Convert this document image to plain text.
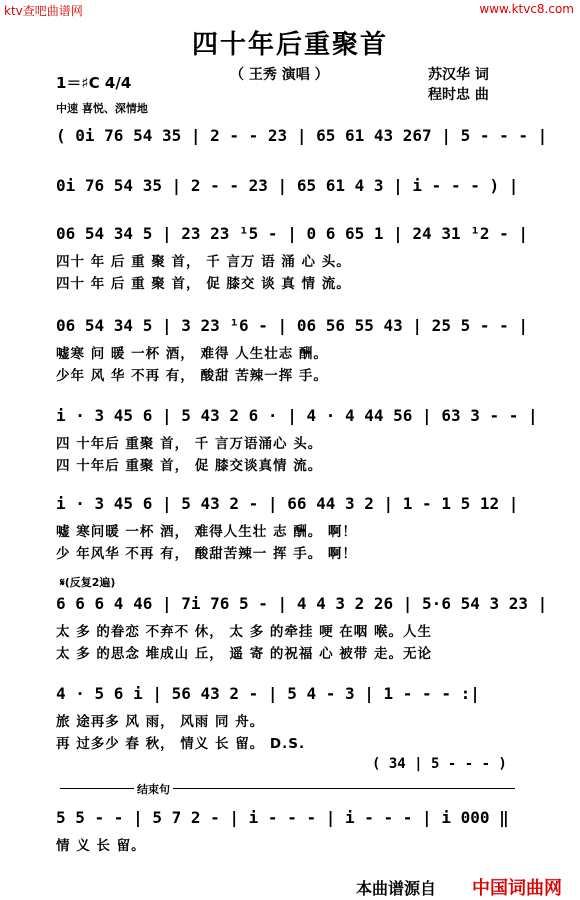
ktv查吧曲谱网	www.ktvc8.com
四十年后重聚首
（ 王秀 演唱 ）	苏汉华 词
程时忠 曲
1＝♯C 4/4
中速 喜悦、深情地
( 0i 76 54 35 | 2 - - 23 | 65 61 43 267 | 5 - - - |
0i 76 54 35 | 2 - - 23 | 65 61 4 3 | i - - - ) |
06 54 34 5 | 23 23 ¹5 - | 0 6 65 1 | 24 31 ¹2 - |
四十 年 后 重 聚 首， 千 言万 语 涌 心 头。
四十 年 后 重 聚 首， 促 膝交 谈 真 情 流。
06 54 34 5 | 3 23 ¹6 - | 06 56 55 43 | 25 5 - - |
嘘寒 问 暖 一杯 酒， 难得 人生壮志 酬。
少年 风 华 不再 有， 酸甜 苦辣一挥 手。
i · 3 45 6 | 5 43 2 6 · | 4 · 4 44 56 | 63 3 - - |
四 十年后 重聚 首， 千 言万语涌心 头。
四 十年后 重聚 首， 促 膝交谈真情 流。
i · 3 45 6 | 5 43 2 - | 66 44 3 2 | 1 - 1 5 12 |
嘘 寒问暖 一杯 酒， 难得人生壮 志 酬。 啊！
少 年风华 不再 有， 酸甜苦辣一 挥 手。 啊！
𝄋(反复2遍)
6 6 6 4 46 | 7i 76 5 - | 4 4 3 2 26 | 5·6 54 3 23 |
太 多 的眷恋 不弃不 休， 太 多 的牵挂 哽 在咽 喉。人生
太 多 的思念 堆成山 丘， 遥 寄 的祝福 心 被带 走。无论
4 · 5 6 i | 56 43 2 - | 5 4 - 3 | 1 - - - :|
旅 途再多 风 雨， 风雨 同 舟。
再 过多少 春 秋， 情义 长 留。 D.S.
( 34 | 5 - - - )
结束句
5 5 - - | 5 7 2 - | i - - - | i - - - | i 000 ‖
情 义 长 留。
本曲谱源自 中国词曲网
